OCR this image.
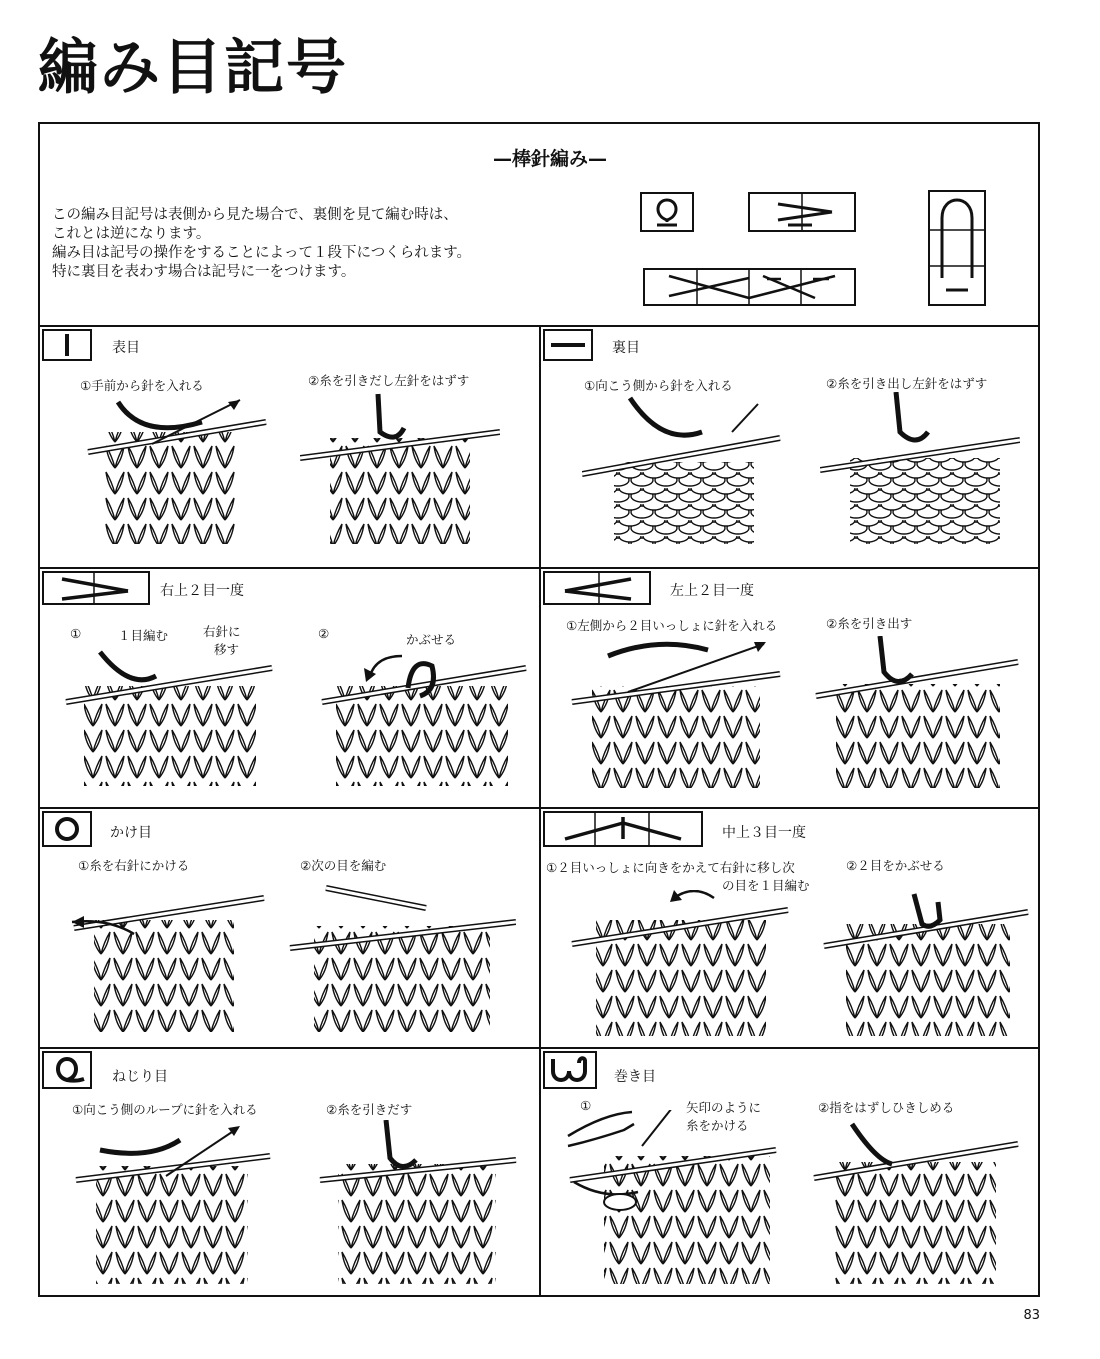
編み目記号
—棒針編み—
この編み目記号は表側から見た場合で、裏側を見て編む時は、
これとは逆になります。
編み目は記号の操作をすることによって１段下につくられます。
特に裏目を表わす場合は記号に一をつけます。
表目
①手前から針を入れる	②糸を引きだし左針をはずす
裏目
①向こう側から針を入れる	②糸を引き出し左針をはずす
右上２目一度
①	１目編む	右針に
移す
②	かぶせる
左上２目一度
①左側から２目いっしょに針を入れる	②糸を引き出す
かけ目
①糸を右針にかける	②次の目を編む
中上３目一度
①２目いっしょに向きをかえて右針に移し次
の目を１目編む
②２目をかぶせる
ねじり目
①向こう側のループに針を入れる	②糸を引きだす
巻き目
①	矢印のように
糸をかける
②指をはずしひきしめる
83
